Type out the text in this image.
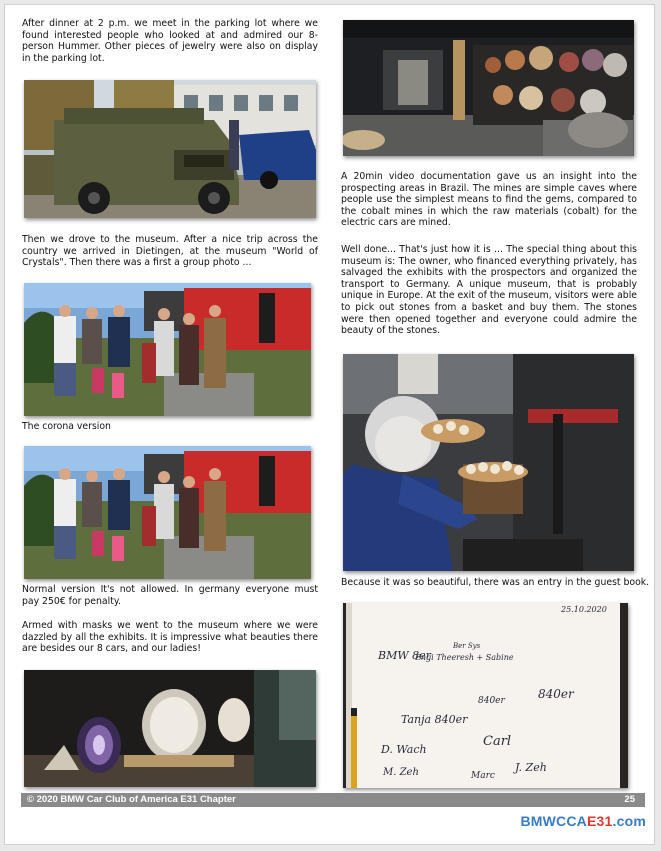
After dinner at 2 p.m. we meet in the parking lot where we found interested people who looked at and admired our 8-person Hummer. Other pieces of jewelry were also on display in the parking lot.

Then we drove to the museum. After a nice trip across the country we arrived in Dietingen, at the museum "World of Crystals". Then there was a first a group photo ...

The corona version

Normal version It's not allowed. In germany everyone must pay 250€ for penalty.

Armed with masks we went to the museum where we were dazzled by all the exhibits. It is impressive what beauties there are besides our 8 cars, and our ladies!

A 20min video documentation gave us an insight into the prospecting areas in Brazil. The mines are simple caves where people use the simplest means to find the gems, compared to the cobalt mines in which the raw materials (cobalt) for the electric cars are mined.

Well done... That's just how it is ... The special thing about this museum is: The owner, who financed everything privately, has salvaged the exhibits with the prospectors and organized the transport to Germany. A unique museum, that is probably unique in Europe. At the exit of the museum, visitors were able to pick out stones from a basket and buy them. The stones were then opened together and everyone could admire the beauty of the stones.

Because it was so beautiful, there was an entry in the guest book.

25.10.2020
BMW 8er
Ber Sys
Engi Theeresh + Sabine
840er
Tanja 840er
840er
D. Wach
Carl
M. Zeh	Marc
J. Zeh
© 2020 BMW Car Club of America E31 Chapter	25
BMWCCAE31.com
